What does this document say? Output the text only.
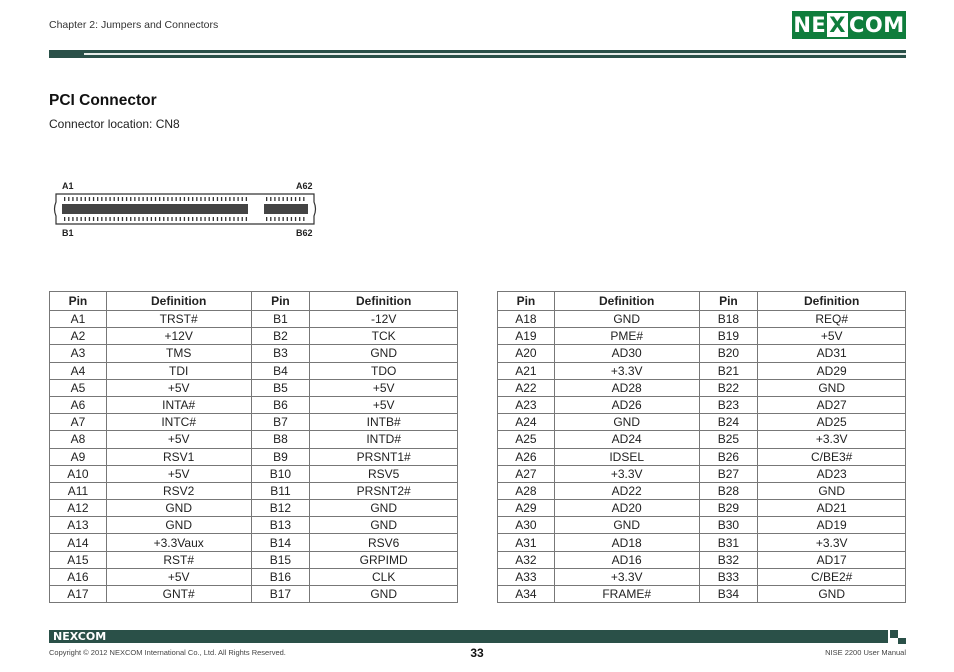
Chapter 2: Jumpers and Connectors	NE X COM
PCI Connector
Connector location: CN8
A1	A62
B1	B62
Pin	Definition	Pin	Definition
A1	TRST#	B1	-12V
A2	+12V	B2	TCK
A3	TMS	B3	GND
A4	TDI	B4	TDO
A5	+5V	B5	+5V
A6	INTA#	B6	+5V
A7	INTC#	B7	INTB#
A8	+5V	B8	INTD#
A9	RSV1	B9	PRSNT1#
A10	+5V	B10	RSV5
A11	RSV2	B11	PRSNT2#
A12	GND	B12	GND
A13	GND	B13	GND
A14	+3.3Vaux	B14	RSV6
A15	RST#	B15	GRPIMD
A16	+5V	B16	CLK
A17	GNT#	B17	GND
Pin	Definition	Pin	Definition
A18	GND	B18	REQ#
A19	PME#	B19	+5V
A20	AD30	B20	AD31
A21	+3.3V	B21	AD29
A22	AD28	B22	GND
A23	AD26	B23	AD27
A24	GND	B24	AD25
A25	AD24	B25	+3.3V
A26	IDSEL	B26	C/BE3#
A27	+3.3V	B27	AD23
A28	AD22	B28	GND
A29	AD20	B29	AD21
A30	GND	B30	AD19
A31	AD18	B31	+3.3V
A32	AD16	B32	AD17
A33	+3.3V	B33	C/BE2#
A34	FRAME#	B34	GND
NEXCOM
Copyright © 2012 NEXCOM International Co., Ltd. All Rights Reserved.	33	NISE 2200 User Manual
